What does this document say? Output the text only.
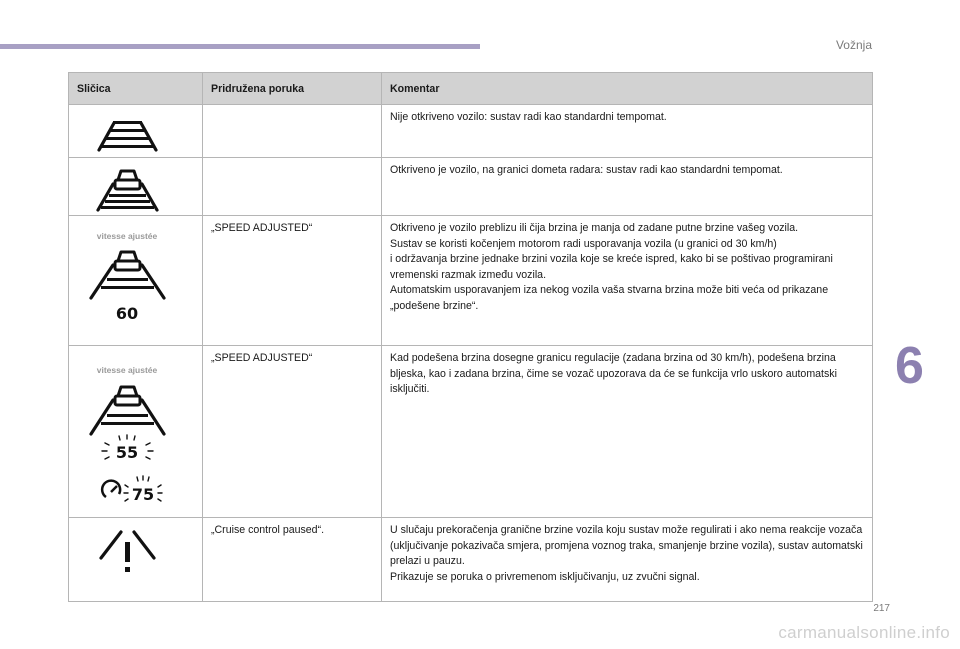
Vožnja
6
Sličica	Pridružena poruka	Komentar

		Nije otkriveno vozilo: sustav radi kao standardni tempomat.

		Otkriveno je vozilo, na granici dometa radara: sustav radi kao standardni tempomat.

vitesse ajustée
60	„SPEED ADJUSTED“	Otkriveno je vozilo preblizu ili čija brzina je manja od zadane putne brzine vašeg vozila.
Sustav se koristi kočenjem motorom radi usporavanja vozila (u granici od 30 km/h)
i održavanja brzine jednake brzini vozila koje se kreće ispred, kako bi se poštivao programirani vremenski razmak između vozila.
Automatskim usporavanjem iza nekog vozila vaša stvarna brzina može biti veća od prikazane „podešene brzine“.

vitesse ajustée
55
75	„SPEED ADJUSTED“	Kad podešena brzina dosegne granicu regulacije (zadana brzina od 30 km/h), podešena brzina bljeska, kao i zadana brzina, čime se vozač upozorava da će se funkcija vrlo uskoro automatski isključiti.

	„Cruise control paused“.	U slučaju prekoračenja granične brzine vozila koju sustav može regulirati i ako nema reakcije vozača (uključivanje pokazivača smjera, promjena voznog traka, smanjenje brzine vozila), sustav automatski prelazi u pauzu.
Prikazuje se poruka o privremenom isključivanju, uz zvučni signal.
217
carmanualsonline.info
